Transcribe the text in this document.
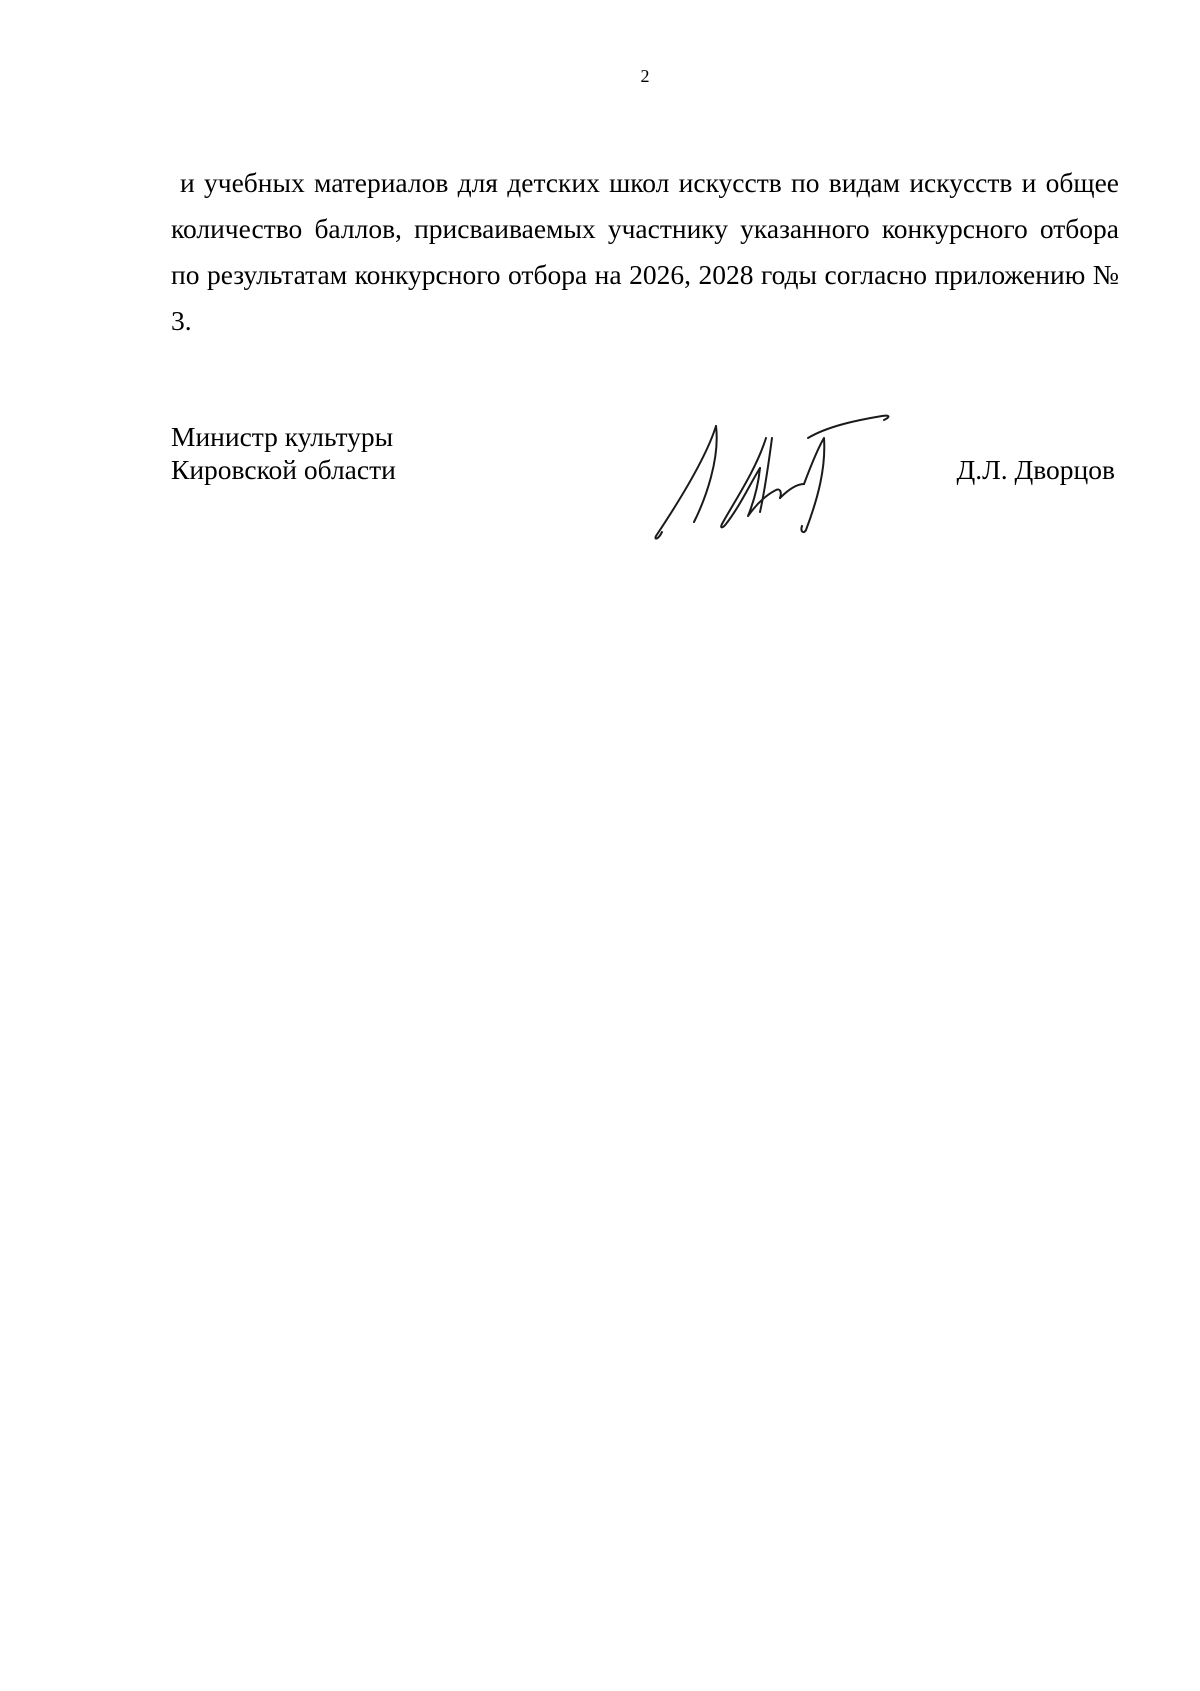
2

и учебных материалов для детских школ искусств по видам искусств и общее количество баллов, присваиваемых участнику указанного конкурсного отбора по результатам конкурсного отбора на 2026, 2028 годы согласно приложению № 3.

Министр культуры
Кировской области	Д.Л. Дворцов
